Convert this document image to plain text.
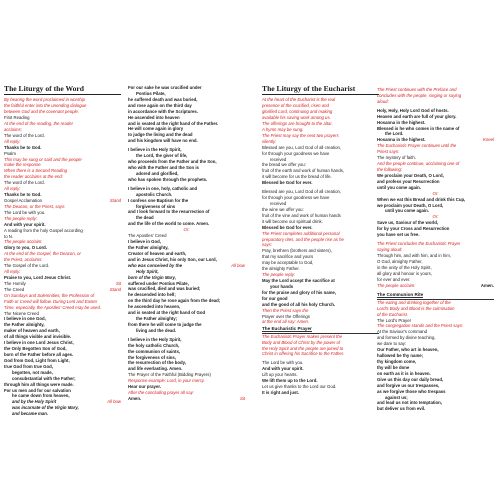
The Liturgy of the Word
By hearing the word proclaimed in worship
the faithful enter into the unending dialogue
between God and the covenant people.
First Reading
At the end of the reading, the reader
acclaims:
The word of the Lord.
All reply:
Thanks be to God.
Psalm
This may be sung or said and the people
make the response.
When there is a Second Reading
the reader acclaims at the end:
The word of the Lord.
All reply:
Thanks be to God.
Gospel Acclamation	Stand
The Deacon, or the Priest, says:
The Lord be with you.
The people reply:
And with your spirit.
A reading from the holy Gospel according
to N.
The people acclaim:
Glory to you, O Lord.
At the end of the Gospel, the Deacon, or
the Priest, acclaims:
The Gospel of the Lord.
All reply:
Praise to you, Lord Jesus Christ.
The Homily	Sit
The Creed	Stand
On Sundays and Solemnities, the Profession of
Faith or Creed will follow. During Lent and Easter
Time, especially, the Apostles' Creed may be used.
The Nicene Creed
I believe in one God,
the Father almighty,
maker of heaven and earth,
of all things visible and invisible.
I believe in one Lord Jesus Christ,
the Only Begotten Son of God,
born of the Father before all ages.
God from God, Light from Light,
true God from true God,
begotten, not made,
consubstantial with the Father;
through him all things were made.
For us men and for our salvation
he came down from heaven,
and by the Holy Spirit	All bow
was incarnate of the Virgin Mary,
and became man.
For our sake he was crucified under
Pontius Pilate,
he suffered death and was buried,
and rose again on the third day
in accordance with the Scriptures.
He ascended into heaven
and is seated at the right hand of the Father.
He will come again in glory
to judge the living and the dead
and his kingdom will have no end.
I believe in the Holy Spirit,
the Lord, the giver of life,
who proceeds from the Father and the Son,
who with the Father and the Son is
adored and glorified,
who has spoken through the prophets.
I believe in one, holy, catholic and
apostolic Church.
I confess one Baptism for the
forgiveness of sins
and I look forward to the resurrection of
the dead
and the life of the world to come. Amen.
Or:
The Apostles' Creed
I believe in God,
the Father almighty,
Creator of heaven and earth,
and in Jesus Christ, his only Son, our Lord,
who was conceived by the	All bow
Holy Spirit,
born of the Virgin Mary,
suffered under Pontius Pilate,
was crucified, died and was buried;
he descended into hell;
on the third day he rose again from the dead;
he ascended into heaven,
and is seated at the right hand of God
the Father almighty;
from there he will come to judge the
living and the dead.
I believe in the Holy Spirit,
the holy catholic Church,
the communion of saints,
the forgiveness of sins,
the resurrection of the body,
and life everlasting. Amen.
The Prayer of the Faithful (Bidding Prayers)
Response example: Lord, in your mercy.
Hear our prayer.
After the concluding prayer all say:
Amen.	Sit
The Liturgy of the Eucharist
At the heart of the Eucharist is the real
presence of the crucified, risen and
glorified Lord, continuing and making
available his saving work among us.
The offerings are brought to the altar.
A hymn may be sung.
The Priest may say the next two prayers
silently:
Blessed are you, Lord God of all creation,
for through your goodness we have
received
the bread we offer you:
fruit of the earth and work of human hands,
it will become for us the bread of life.
Blessed be God for ever.
Blessed are you, Lord God of all creation,
for through your goodness we have
received
the wine we offer you:
fruit of the vine and work of human hands
it will become our spiritual drink.
Blessed be God for ever.
The Priest completes additional personal
preparatory rites, and the people rise as he
says:
Pray, brethren (brothers and sisters),
that my sacrifice and yours
may be acceptable to God,
the almighty Father.
The people reply:
May the Lord accept the sacrifice at
your hands
for the praise and glory of his name,
for our good
and the good of all his holy Church.
Then the Priest says the
Prayer over the Offerings
at the end all say: Amen.
The Eucharistic Prayer
The Eucharistic Prayer makes present the
Body and Blood of Christ by the power of
the Holy Spirit and the people are joined to
Christ in offering his Sacrifice to the Father.
The Lord be with you.
And with your spirit.
Lift up your hearts.
We lift them up to the Lord.
Let us give thanks to the Lord our God.
It is right and just.
The Priest continues with the Preface and
concludes with the people, singing or saying
aloud:
Holy, Holy, Holy Lord God of hosts.
Heaven and earth are full of your glory.
Hosanna in the highest.
Blessed is he who comes in the name of
the Lord.
Hosanna in the highest.	Kneel
The Eucharistic Prayer continues until the
Priest says:
The mystery of faith.
And the people continue, acclaiming one of
the following:
We proclaim your Death, O Lord,
and profess your Resurrection
until you come again.
Or:
When we eat this Bread and drink this Cup,
we proclaim your Death, O Lord,
until you come again.
Or:
Save us, Saviour of the world,
for by your Cross and Resurrection
you have set us free.
The Priest concludes the Eucharistic Prayer
saying aloud:
Through him, and with him, and in him,
O God, almighty Father,
in the unity of the Holy Spirit,
all glory and honour is yours,
for ever and ever.
The people acclaim:	Amen.
The Communion Rite
The eating and drinking together of the
Lord's Body and Blood is the culmination
of the Eucharist.
The Lord's Prayer
The congregation stands and the Priest says:
At the Saviour's command
and formed by divine teaching,
we dare to say:
Our Father, who art in heaven,
hallowed be thy name;
thy kingdom come,
thy will be done
on earth as it is in heaven.
Give us this day our daily bread,
and forgive us our trespasses,
as we forgive those who trespass
against us;
and lead us not into temptation,
but deliver us from evil.
